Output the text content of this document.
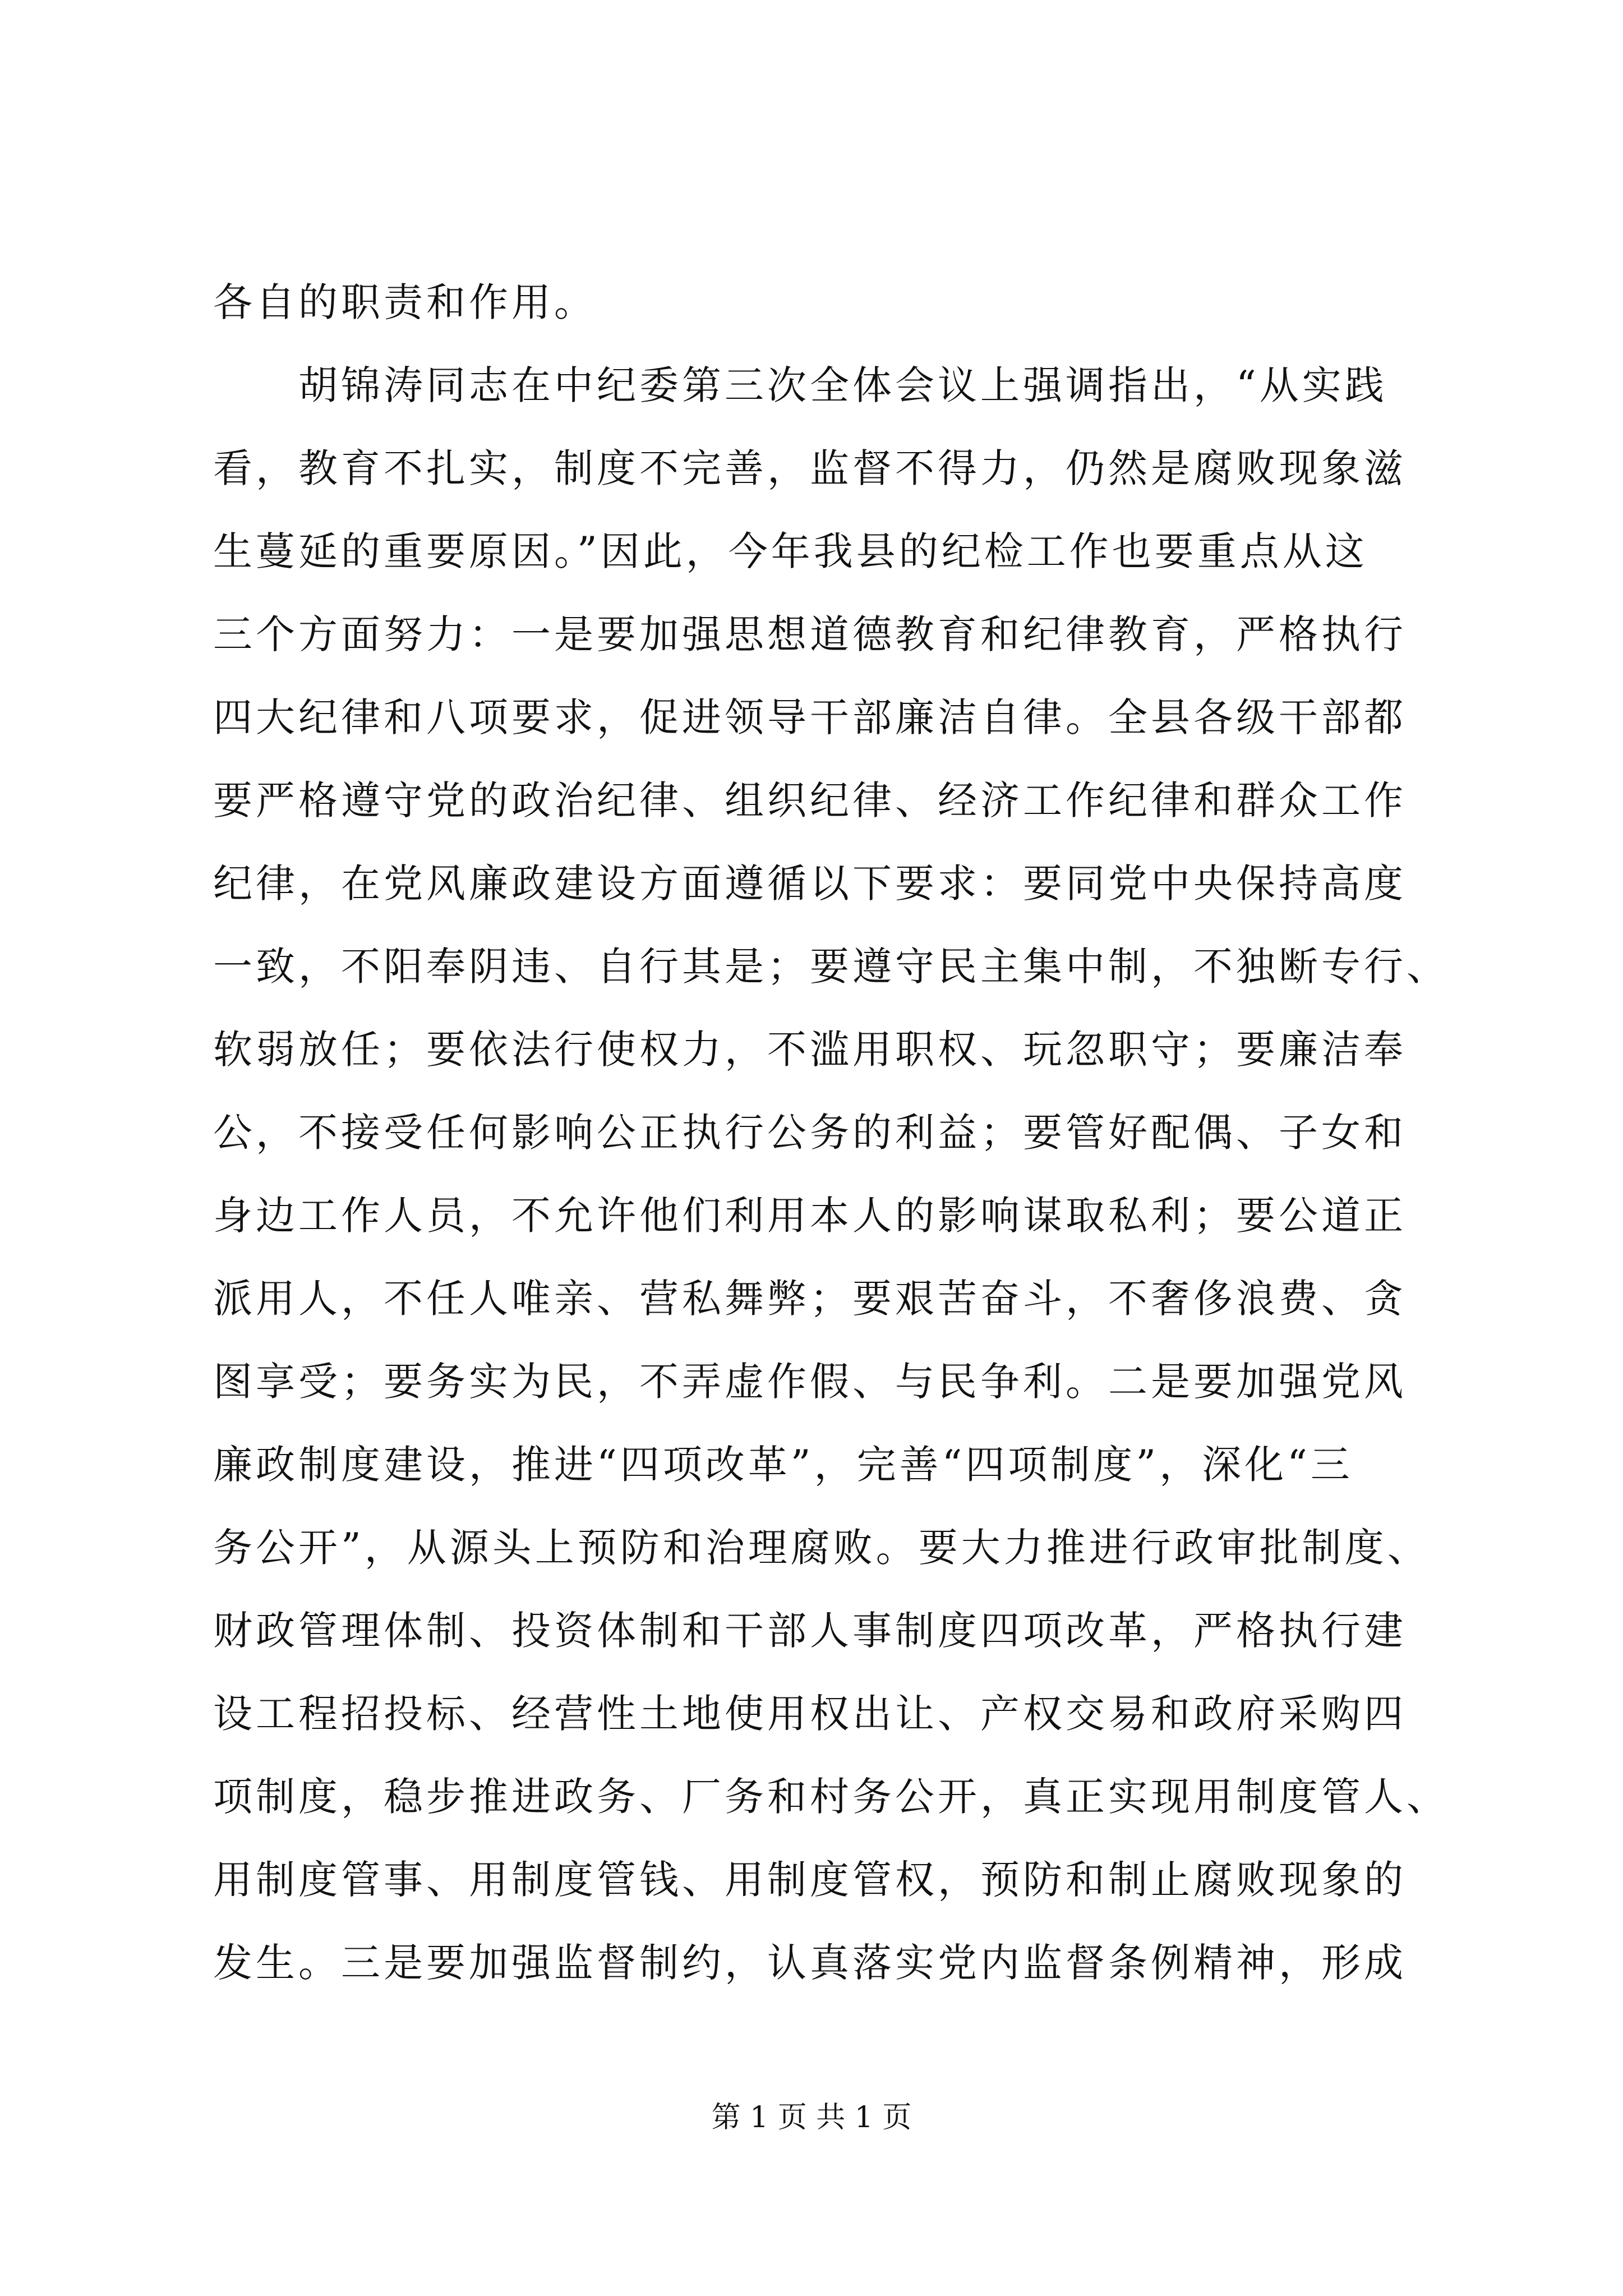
各自的职责和作用。
　　胡锦涛同志在中纪委第三次全体会议上强调指出，“从实践
看，教育不扎实，制度不完善，监督不得力，仍然是腐败现象滋
生蔓延的重要原因。”因此，今年我县的纪检工作也要重点从这
三个方面努力：一是要加强思想道德教育和纪律教育，严格执行
四大纪律和八项要求，促进领导干部廉洁自律。全县各级干部都
要严格遵守党的政治纪律、组织纪律、经济工作纪律和群众工作
纪律，在党风廉政建设方面遵循以下要求：要同党中央保持高度
一致，不阳奉阴违、自行其是；要遵守民主集中制，不独断专行、
软弱放任；要依法行使权力，不滥用职权、玩忽职守；要廉洁奉
公，不接受任何影响公正执行公务的利益；要管好配偶、子女和
身边工作人员，不允许他们利用本人的影响谋取私利；要公道正
派用人，不任人唯亲、营私舞弊；要艰苦奋斗，不奢侈浪费、贪
图享受；要务实为民，不弄虚作假、与民争利。二是要加强党风
廉政制度建设，推进“四项改革”，完善“四项制度”，深化“三
务公开”，从源头上预防和治理腐败。要大力推进行政审批制度、
财政管理体制、投资体制和干部人事制度四项改革，严格执行建
设工程招投标、经营性土地使用权出让、产权交易和政府采购四
项制度，稳步推进政务、厂务和村务公开，真正实现用制度管人、
用制度管事、用制度管钱、用制度管权，预防和制止腐败现象的
发生。三是要加强监督制约，认真落实党内监督条例精神，形成
第 1 页 共 1 页
